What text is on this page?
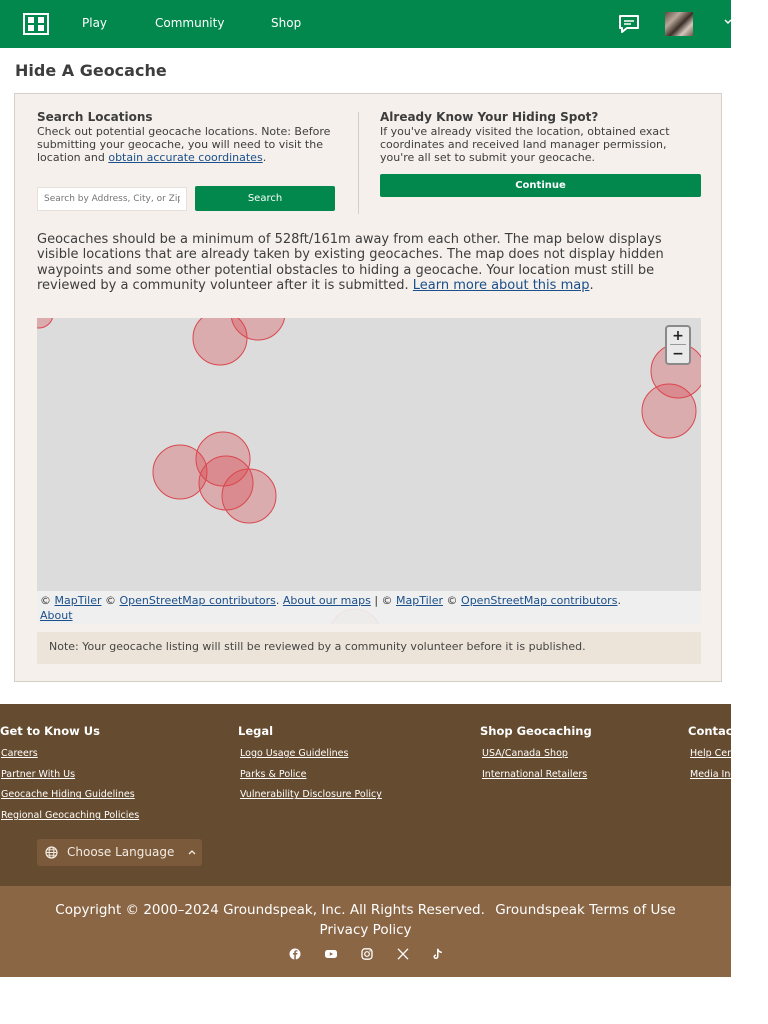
Play	Community	Shop
Hide A Geocache
Search Locations

Check out potential geocache locations. Note: Before submitting your geocache, you will need to visit the location and obtain accurate coordinates.

Search by Address, City, or Zip
Search
Already Know Your Hiding Spot?

If you've already visited the location, obtained exact coordinates and received land manager permission, you're all set to submit your geocache.

Continue

Geocaches should be a minimum of 528ft/161m away from each other. The map below displays visible locations that are already taken by existing geocaches. The map does not display hidden waypoints and some other potential obstacles to hiding a geocache. Your location must still be reviewed by a community volunteer after it is submitted. Learn more about this map.

+
−
© MapTiler © OpenStreetMap contributors. About our maps | © MapTiler © OpenStreetMap contributors.
About
Note: Your geocache listing will still be reviewed by a community volunteer before it is published.
Get to Know Us
Careers
Partner With Us
Geocache Hiding Guidelines
Regional Geocaching Policies
Legal
Logo Usage Guidelines
Parks & Police
Vulnerability Disclosure Policy
Shop Geocaching
USA/Canada Shop
International Retailers
Contact Us
Help Center
Media Inquiries
Choose Language

Copyright © 2000–2024 Groundspeak, Inc. All Rights Reserved. Groundspeak Terms of Use Privacy Policy
